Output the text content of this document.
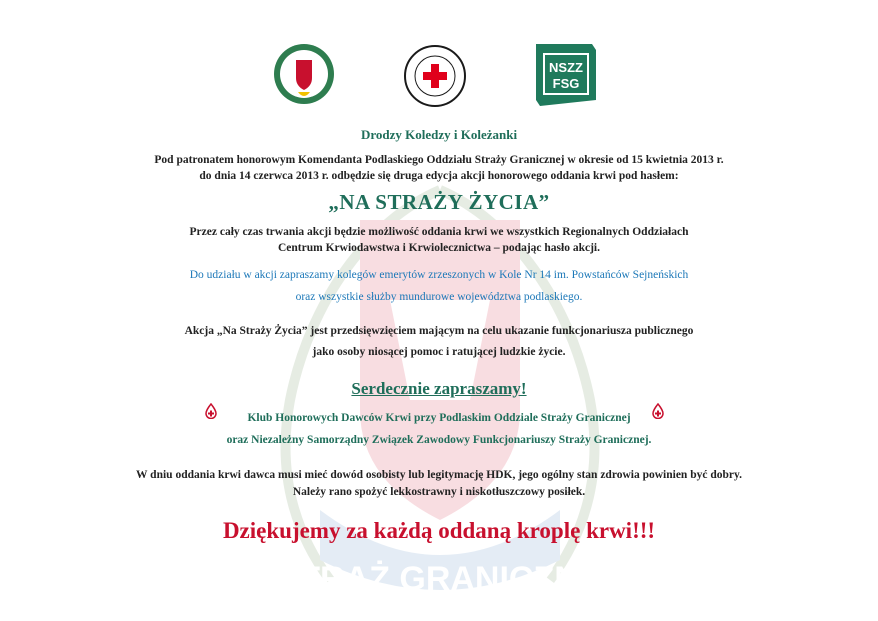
STRAŻ GRANICZNA
NSZZ
FSG
Drodzy Koledzy i Koleżanki
Pod patronatem honorowym Komendanta Podlaskiego Oddziału Straży Granicznej w okresie od 15 kwietnia 2013 r.
do dnia 14 czerwca 2013 r. odbędzie się druga edycja akcji honorowego oddania krwi pod hasłem:
„NA STRAŻY ŻYCIA”
Przez cały czas trwania akcji będzie możliwość oddania krwi we wszystkich Regionalnych Oddziałach
Centrum Krwiodawstwa i Krwiolecznictwa – podając hasło akcji.
Do udziału w akcji zapraszamy kolegów emerytów zrzeszonych w Kole Nr 14 im. Powstańców Sejneńskich
oraz wszystkie służby mundurowe województwa podlaskiego.
Akcja „Na Straży Życia” jest przedsięwzięciem mającym na celu ukazanie funkcjonariusza publicznego
jako osoby niosącej pomoc i ratującej ludzkie życie.
Serdecznie zapraszamy!
Klub Honorowych Dawców Krwi przy Podlaskim Oddziale Straży Granicznej
oraz Niezależny Samorządny Związek Zawodowy Funkcjonariuszy Straży Granicznej.
W dniu oddania krwi dawca musi mieć dowód osobisty lub legitymację HDK, jego ogólny stan zdrowia powinien być dobry.
Należy rano spożyć lekkostrawny i niskotłuszczowy posiłek.
Dziękujemy za każdą oddaną kroplę krwi!!!
